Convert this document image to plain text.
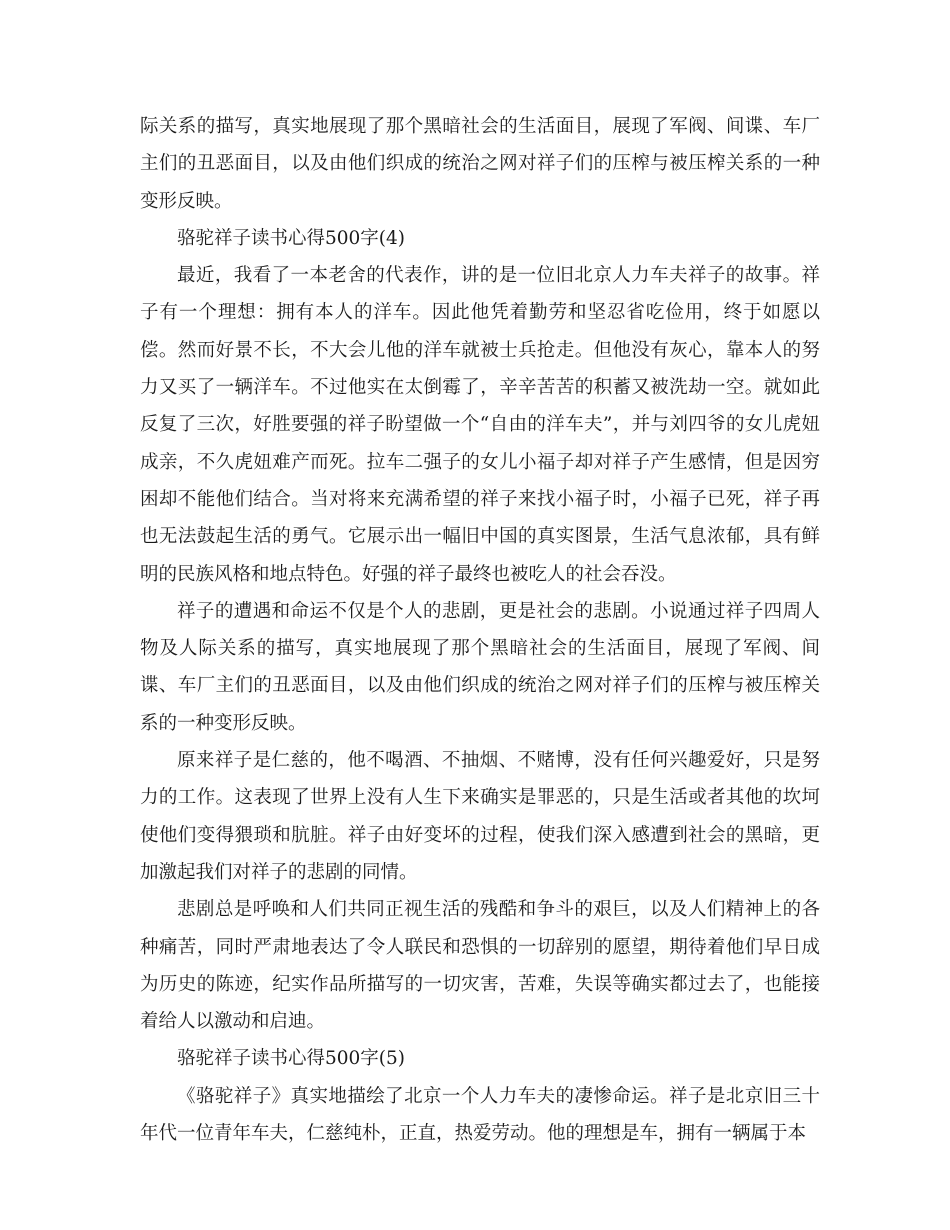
际关系的描写，真实地展现了那个黑暗社会的生活面目，展现了军阀、间谍、车厂主们的丑恶面目，以及由他们织成的统治之网对祥子们的压榨与被压榨关系的一种变形反映。

骆驼祥子读书心得500字(4)

最近，我看了一本老舍的代表作，讲的是一位旧北京人力车夫祥子的故事。祥子有一个理想：拥有本人的洋车。因此他凭着勤劳和坚忍省吃俭用，终于如愿以偿。然而好景不长，不大会儿他的洋车就被士兵抢走。但他没有灰心，靠本人的努力又买了一辆洋车。不过他实在太倒霉了，辛辛苦苦的积蓄又被洗劫一空。就如此反复了三次，好胜要强的祥子盼望做一个“自由的洋车夫”，并与刘四爷的女儿虎妞成亲，不久虎妞难产而死。拉车二强子的女儿小福子却对祥子产生感情，但是因穷困却不能他们结合。当对将来充满希望的祥子来找小福子时，小福子已死，祥子再也无法鼓起生活的勇气。它展示出一幅旧中国的真实图景，生活气息浓郁，具有鲜明的民族风格和地点特色。好强的祥子最终也被吃人的社会吞没。

祥子的遭遇和命运不仅是个人的悲剧，更是社会的悲剧。小说通过祥子四周人物及人际关系的描写，真实地展现了那个黑暗社会的生活面目，展现了军阀、间谍、车厂主们的丑恶面目，以及由他们织成的统治之网对祥子们的压榨与被压榨关系的一种变形反映。

原来祥子是仁慈的，他不喝酒、不抽烟、不赌博，没有任何兴趣爱好，只是努力的工作。这表现了世界上没有人生下来确实是罪恶的，只是生活或者其他的坎坷使他们变得猥琐和肮脏。祥子由好变坏的过程，使我们深入感遭到社会的黑暗，更加激起我们对祥子的悲剧的同情。

悲剧总是呼唤和人们共同正视生活的残酷和争斗的艰巨，以及人们精神上的各种痛苦，同时严肃地表达了令人联民和恐惧的一切辞别的愿望，期待着他们早日成为历史的陈迹，纪实作品所描写的一切灾害，苦难，失误等确实都过去了，也能接着给人以激动和启迪。

骆驼祥子读书心得500字(5)

《骆驼祥子》真实地描绘了北京一个人力车夫的凄惨命运。祥子是北京旧三十年代一位青年车夫，仁慈纯朴，正直，热爱劳动。他的理想是车，拥有一辆属于本
